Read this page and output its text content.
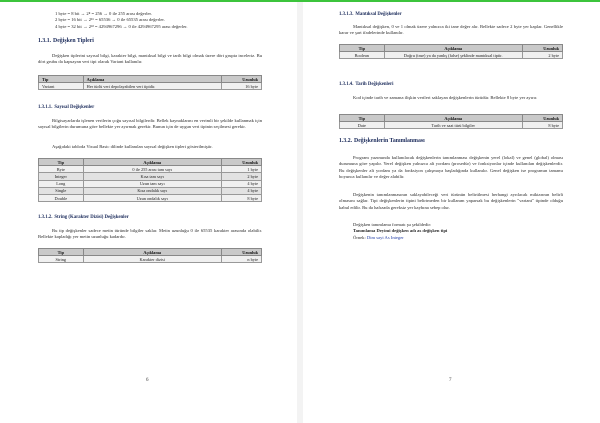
1 byte = 8 bit → 2⁸ = 256 → 0 ile 255 arası değerler.
2 byte = 16 bit → 2¹⁶ = 65536 → 0 ile 65535 arası değerler.
4 byte = 32 bit → 2³² = 4294967296 → 0 ile 4294967295 arası değerler.
1.3.1. Değişken Tipleri
Değişken tiplerini sayısal bilgi, karakter bilgi, mantıksal bilgi ve tarih bilgi olmak üzere dört grupta inceleriz. Bu dört grubu da kapsayan veri tipi olarak Variant kullanılır.
Tip	Açıklama	Uzunluk
Variant	Her türlü veri depolayabilen veri tipidir.	16 byte
1.3.1.1. Sayısal Değişkenler
Bilgisayarlarda işlenen verilerin çoğu sayısal bilgilerdir. Bellek kaynaklarını en verimli bir şekilde kullanmak için sayısal bilgilerin durumuna göre bellekte yer ayırmak gerekir. Bunun için de uygun veri tipinin seçilmesi gerekir.
Aşağıdaki tabloda Visual Basic dilinde kullanılan sayısal değişken tipleri gösterilmiştir.
Tip	Açıklama	Uzunluk
Byte	0 ile 255 arası tam sayı	1 byte
Integer	Kısa tam sayı	2 byte
Long	Uzun tam sayı	4 byte
Single	Kısa ondalık sayı	4 byte
Double	Uzun ondalık sayı	8 byte
1.3.1.2. String (Karakter Dizisi) Değişkenler
Bu tip değişkenler sadece metin türünde bilgiler saklar. Metin uzunluğu 0 ile 65535 karakter arasında olabilir. Bellekte kapladığı yer metin uzunluğu kadardır.
Tip	Açıklama	Uzunluk
String	Karakter dizisi	n byte
6
1.3.1.3. Mantıksal Değişkenler
Mantıksal değişken, 0 ve 1 olmak üzere yalnızca iki tane değer alır. Bellekte sadece 2 byte yer kaplar. Genellikle karar ve şart ifadelerinde kullanılır.
Tip	Açıklama	Uzunluk
Boolean	Doğru (true) ya da yanlış (false) şeklinde mantıksal tiptir.	2 byte
1.3.1.4. Tarih Değişkenleri
Kod içinde tarih ve zamana ilişkin verileri saklayan değişkenlerin türüdür. Bellekte 8 byte yer ayırır.
Tip	Açıklama	Uzunluk
Date	Tarih ve saat türü bilgiler	8 byte
1.3.2. Değişkenlerin Tanımlanması
Program yazımında kullanılacak değişkenlerin tanımlanması değişkenin yerel (lokal) ve genel (global) olması durumuna göre yapılır. Yerel değişken yalnızca alt yordam (prosedür) ve fonksiyonlar içinde kullanılan değişkenlerdir. Bu değişkenler alt yordam ya da fonksiyon çalışmaya başladığında kullanılır. Genel değişken ise programın tamamı boyunca kullanılır ve değer alabilir.
Değişkenin tanımlanmasının saklayabileceği veri türünün belirtilmesi herhangi ayrılacak miktarının belirli olmasını sağlar. Tipi değişkenlerin tipini belirtmeden bir kullanım yaparsak bu değişkenlerin "variant" tipinde olduğu kabul edilir. Bu da hafızada gereksiz yer kaybına sebep olur.
Değişken tanımlama formatı şu şekildedir:
Tanımlama Deyimi değişken adı as değişken tipi
Örnek: Dim sayi As Integer
7
